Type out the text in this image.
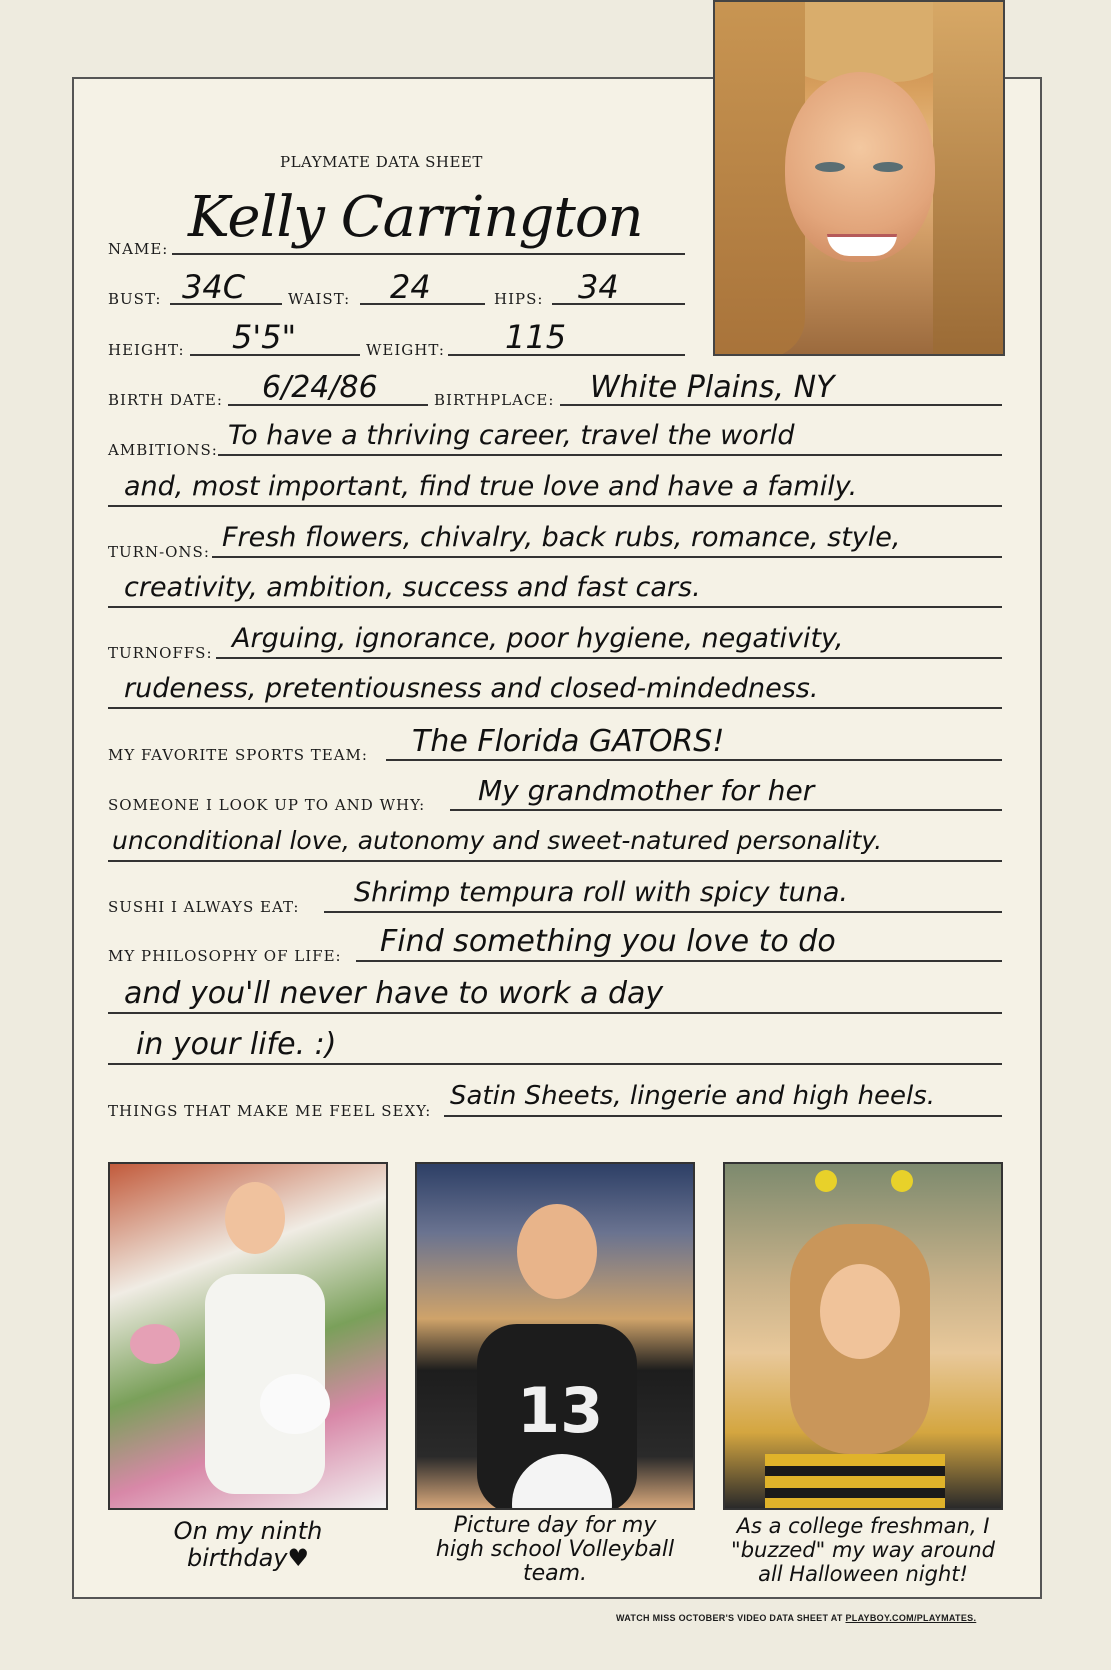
PLAYMATE DATA SHEET
NAME: Kelly Carrington
BUST: 34C	WAIST: 24	HIPS: 34
HEIGHT: 5'5"	WEIGHT: 115
BIRTH DATE: 6/24/86	BIRTHPLACE: White Plains, NY
AMBITIONS: To have a thriving career, travel the world
and, most important, find true love and have a family.
TURN-ONS: Fresh flowers, chivalry, back rubs, romance, style,
creativity, ambition, success and fast cars.
TURNOFFS: Arguing, ignorance, poor hygiene, negativity,
rudeness, pretentiousness and closed-mindedness.
MY FAVORITE SPORTS TEAM: The Florida GATORS!
SOMEONE I LOOK UP TO AND WHY: My grandmother for her
unconditional love, autonomy and sweet-natured personality.
SUSHI I ALWAYS EAT: Shrimp tempura roll with spicy tuna.
MY PHILOSOPHY OF LIFE: Find something you love to do
and you'll never have to work a day
in your life. :)
THINGS THAT MAKE ME FEEL SEXY: Satin Sheets, lingerie and high heels.
13
On my ninth
birthday♥
Picture day for my
high school Volleyball
team.
As a college freshman, I
"buzzed" my way around
all Halloween night!
WATCH MISS OCTOBER'S VIDEO DATA SHEET AT PLAYBOY.COM/PLAYMATES.
